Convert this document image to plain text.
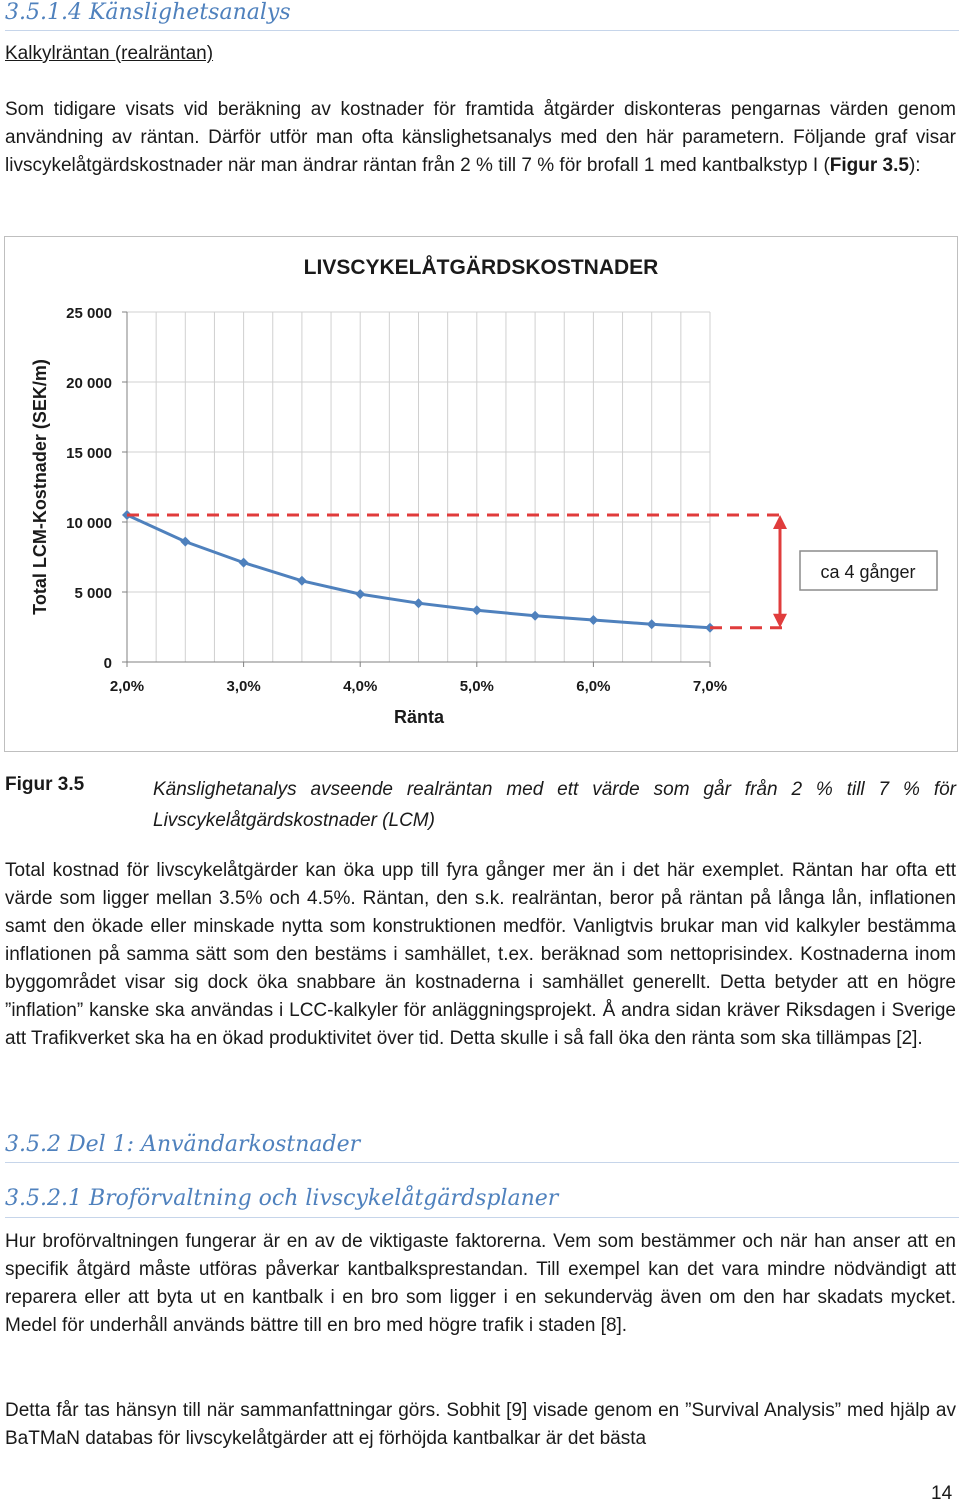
3.5.1.4 Känslighetsanalys
Kalkylräntan (realräntan)

Som tidigare visats vid beräkning av kostnader för framtida åtgärder diskonteras pengarnas värden genom användning av räntan. Därför utför man ofta känslighetsanalys med den här parametern. Följande graf visar livscykelåtgärdskostnader när man ändrar räntan från 2 % till 7 % för brofall 1 med kantbalkstyp I (Figur 3.5):

0
5 000
10 000
15 000
20 000
25 000
2,0%	3,0%	4,0%	5,0%	6,0%	7,0%
LIVSCYKELÅTGÄRDSKOSTNADER
Ränta
Total LCM-Kostnader (SEK/m)	ca 4 gånger
Figur 3.5	Känslighetanalys avseende realräntan med ett värde som går från 2 % till 7 % för Livscykelåtgärdskostnader (LCM)

Total kostnad för livscykelåtgärder kan öka upp till fyra gånger mer än i det här exemplet. Räntan har ofta ett värde som ligger mellan 3.5% och 4.5%. Räntan, den s.k. realräntan, beror på räntan på långa lån, inflationen samt den ökade eller minskade nytta som konstruktionen medför. Vanligtvis brukar man vid kalkyler bestämma inflationen på samma sätt som den bestäms i samhället, t.ex. beräknad som nettoprisindex. Kostnaderna inom byggområdet visar sig dock öka snabbare än kostnaderna i samhället generellt. Detta betyder att en högre ”inflation” kanske ska användas i LCC-kalkyler för anläggningsprojekt. Å andra sidan kräver Riksdagen i Sverige att Trafikverket ska ha en ökad produktivitet över tid. Detta skulle i så fall öka den ränta som ska tillämpas [2].

3.5.2 Del 1: Användarkostnader
3.5.2.1 Broförvaltning och livscykelåtgärdsplaner

Hur broförvaltningen fungerar är en av de viktigaste faktorerna. Vem som bestämmer och när han anser att en specifik åtgärd måste utföras påverkar kantbalksprestandan. Till exempel kan det vara mindre nödvändigt att reparera eller att byta ut en kantbalk i en bro som ligger i en sekunderväg även om den har skadats mycket. Medel för underhåll används bättre till en bro med högre trafik i staden [8].

Detta får tas hänsyn till när sammanfattningar görs. Sobhit [9] visade genom en ”Survival Analysis” med hjälp av BaTMaN databas för livscykelåtgärder att ej förhöjda kantbalkar är det bästa

14
